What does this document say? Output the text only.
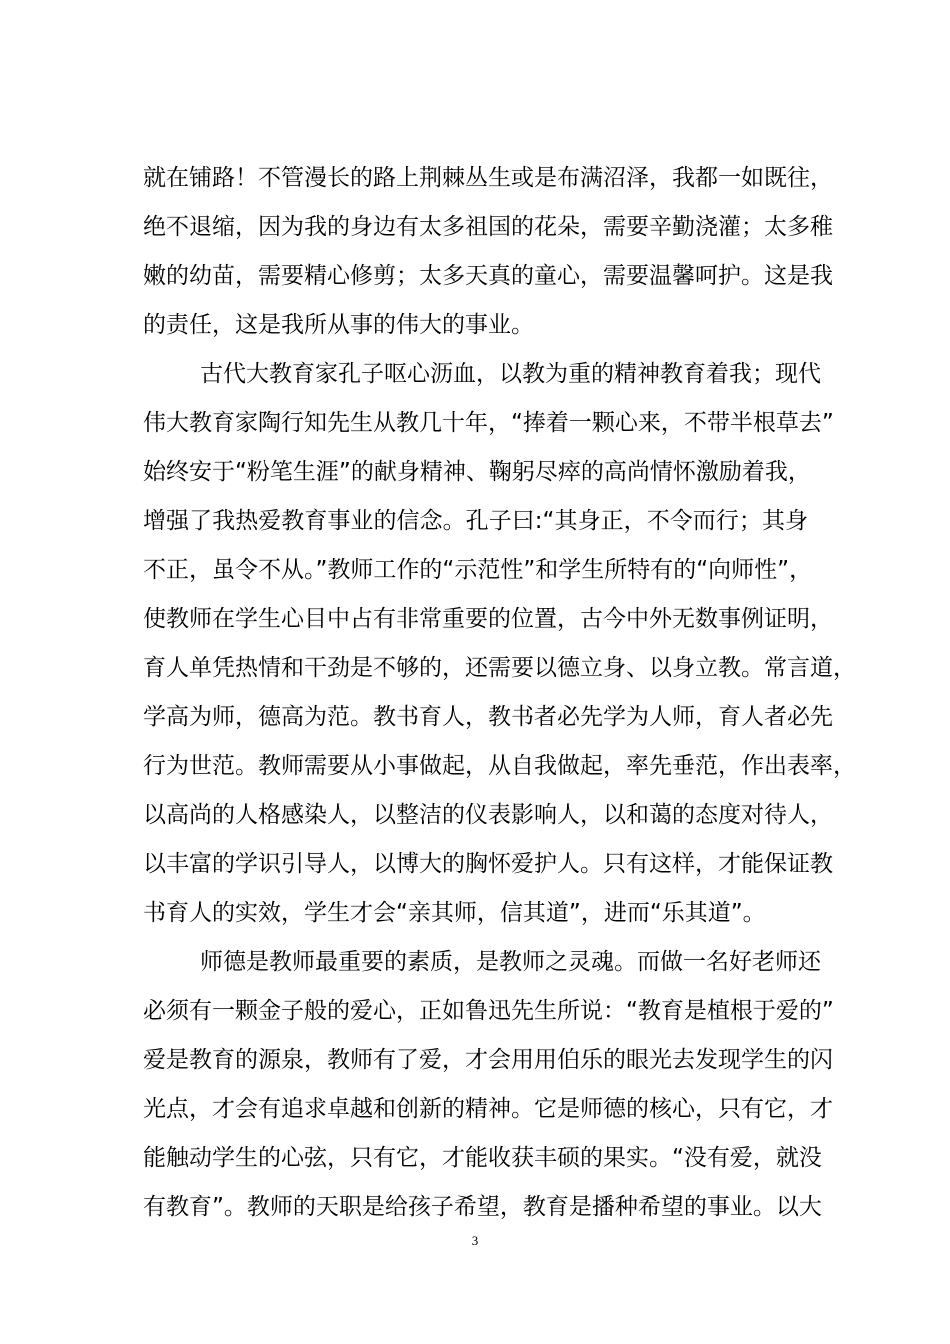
就在铺路！不管漫长的路上荆棘丛生或是布满沼泽，我都一如既往，
绝不退缩，因为我的身边有太多祖国的花朵，需要辛勤浇灌；太多稚
嫩的幼苗，需要精心修剪；太多天真的童心，需要温馨呵护。这是我
的责任，这是我所从事的伟大的事业。
古代大教育家孔子呕心沥血，以教为重的精神教育着我；现代
伟大教育家陶行知先生从教几十年，“捧着一颗心来，不带半根草去”
始终安于“粉笔生涯”的献身精神、鞠躬尽瘁的高尚情怀激励着我，
增强了我热爱教育事业的信念。孔子曰:“其身正，不令而行；其身
不正，虽令不从。”教师工作的“示范性”和学生所特有的“向师性”，
使教师在学生心目中占有非常重要的位置，古今中外无数事例证明，
育人单凭热情和干劲是不够的，还需要以德立身、以身立教。常言道，
学高为师，德高为范。教书育人，教书者必先学为人师，育人者必先
行为世范。教师需要从小事做起，从自我做起，率先垂范，作出表率，
以高尚的人格感染人，以整洁的仪表影响人，以和蔼的态度对待人，
以丰富的学识引导人，以博大的胸怀爱护人。只有这样，才能保证教
书育人的实效，学生才会“亲其师，信其道”，进而“乐其道”。
师德是教师最重要的素质，是教师之灵魂。而做一名好老师还
必须有一颗金子般的爱心，正如鲁迅先生所说：“教育是植根于爱的”
爱是教育的源泉，教师有了爱，才会用用伯乐的眼光去发现学生的闪
光点，才会有追求卓越和创新的精神。它是师德的核心，只有它，才
能触动学生的心弦，只有它，才能收获丰硕的果实。“没有爱，就没
有教育”。教师的天职是给孩子希望，教育是播种希望的事业。以大
3
